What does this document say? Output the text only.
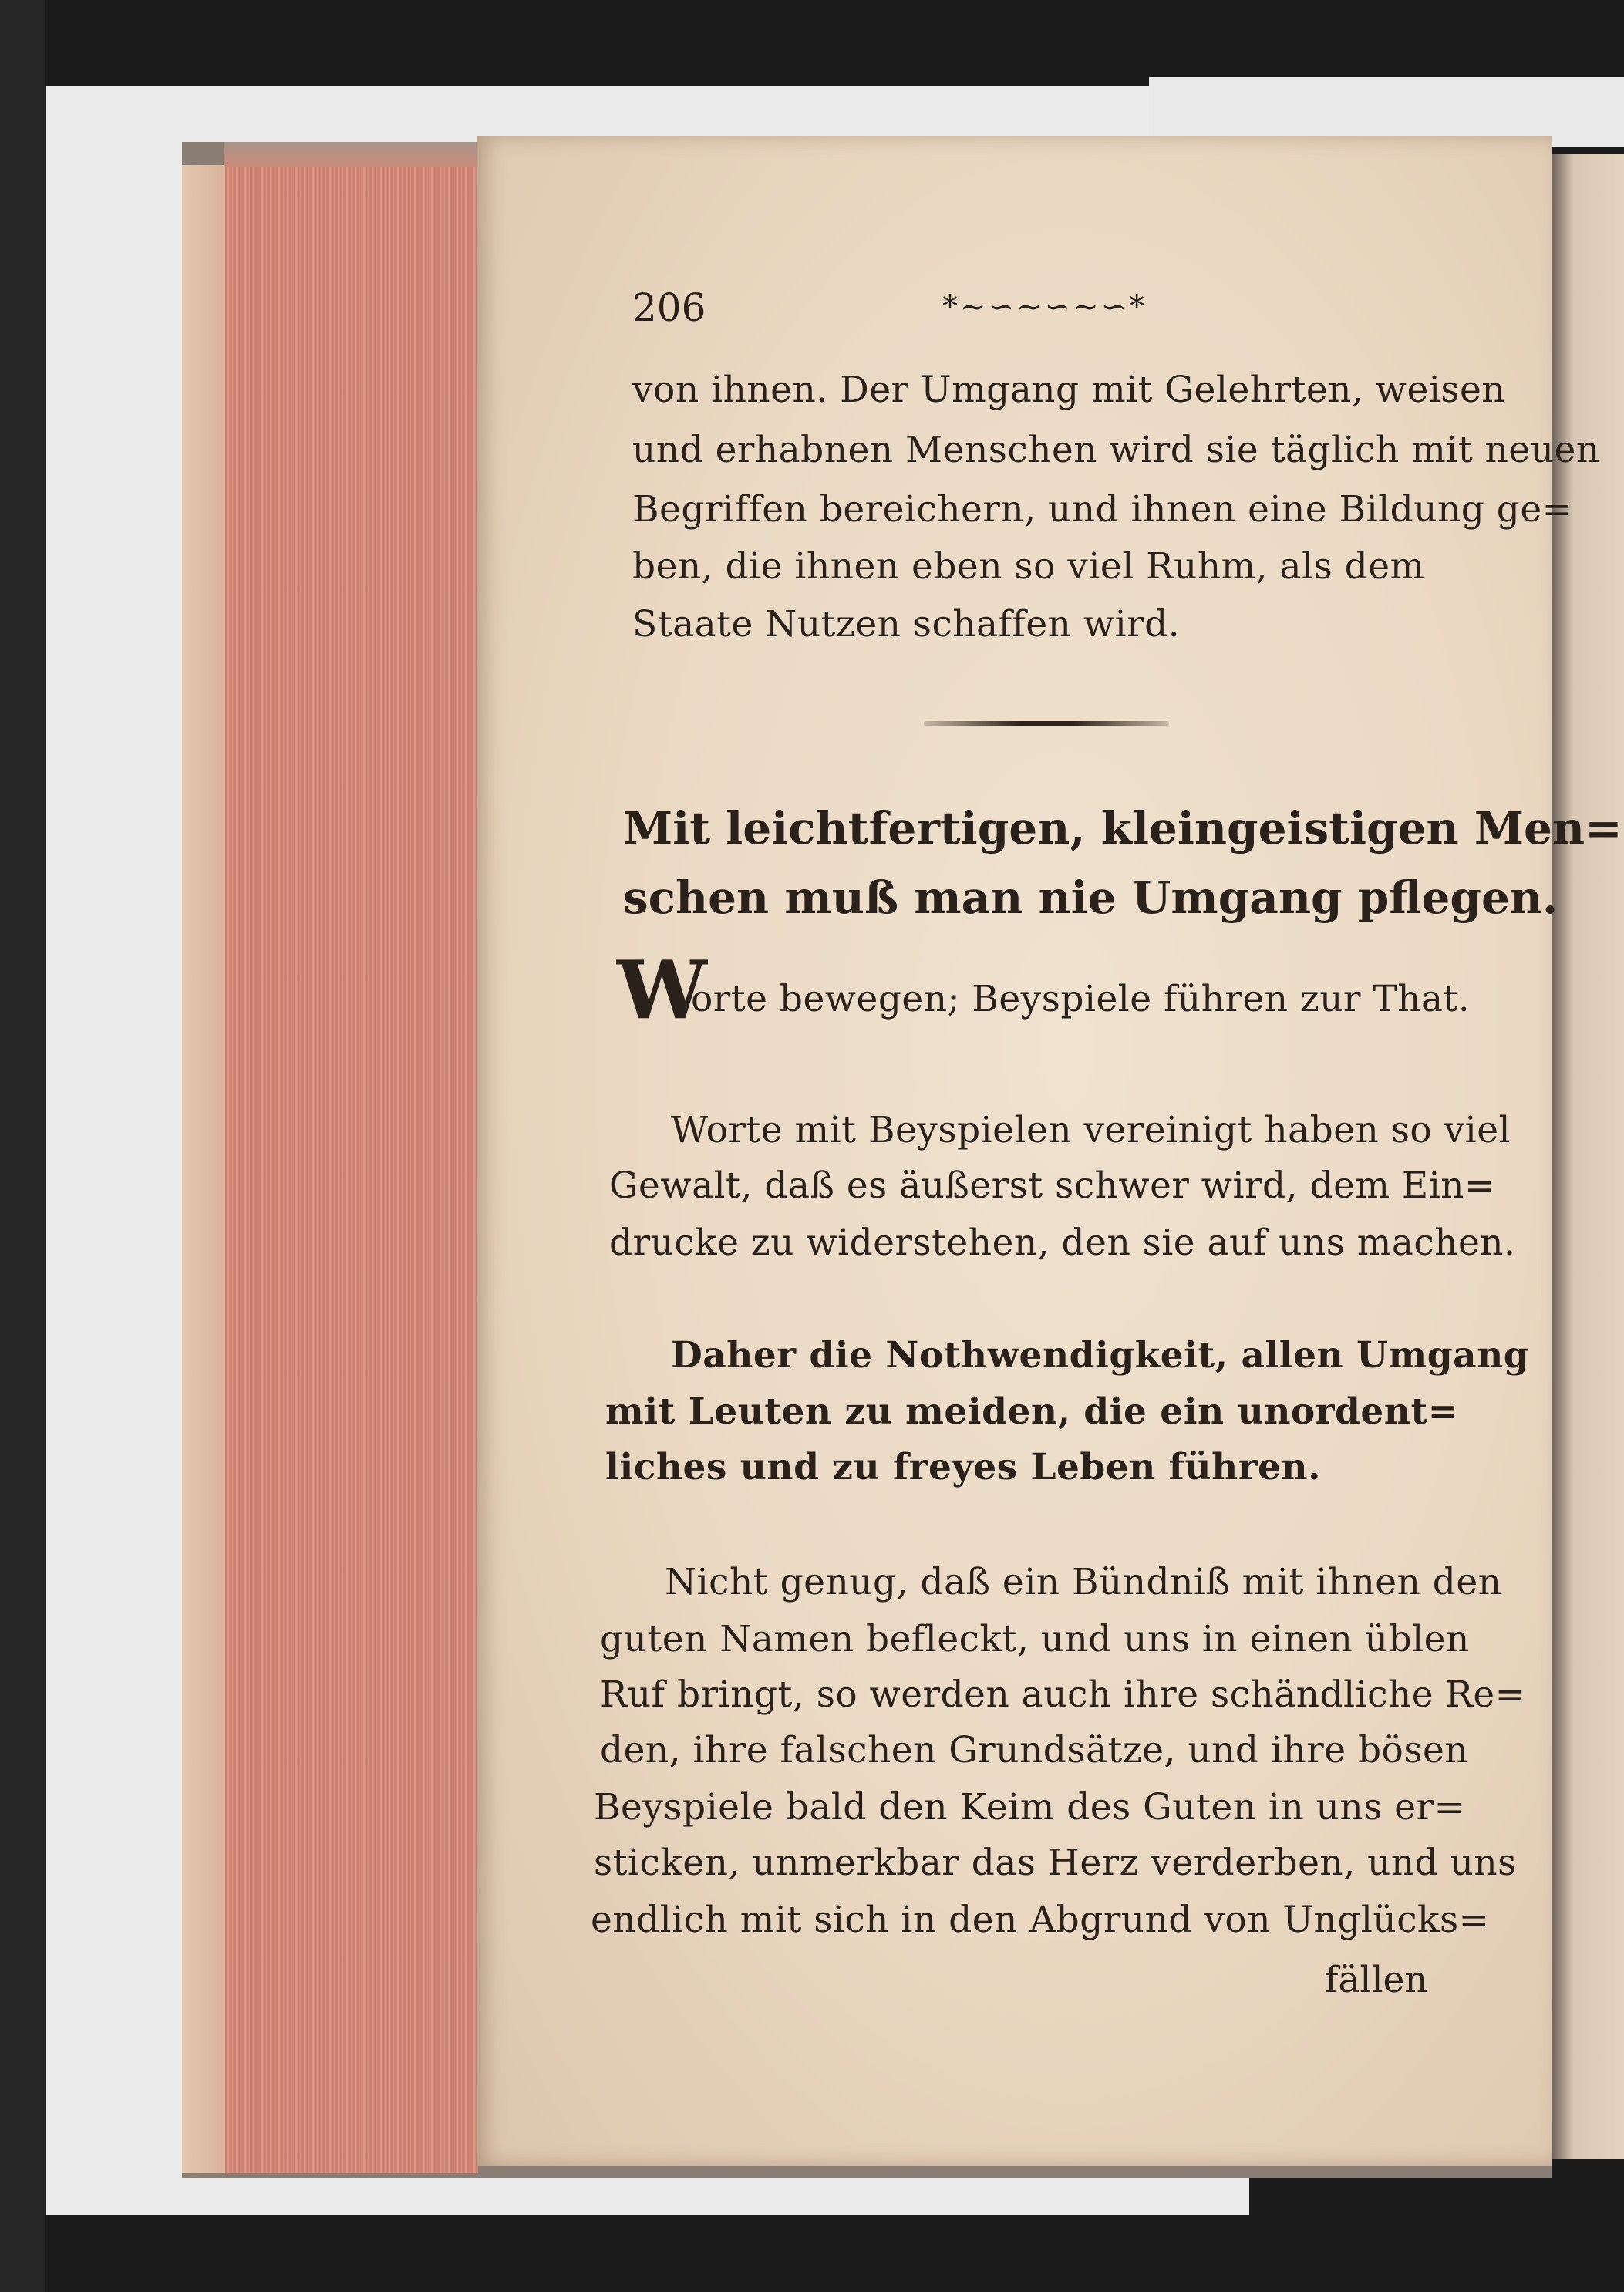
206	*~∽~∽~∽*
von ihnen. Der Umgang mit Gelehrten, weisen
und erhabnen Menschen wird sie täglich mit neuen
Begriffen bereichern, und ihnen eine Bildung ge=
ben, die ihnen eben so viel Ruhm, als dem
Staate Nutzen schaffen wird.
Mit leichtfertigen, kleingeistigen Men=
schen muß man nie Umgang pflegen.
W
orte bewegen; Beyspiele führen zur That.
Worte mit Beyspielen vereinigt haben so viel
Gewalt, daß es äußerst schwer wird, dem Ein=
drucke zu widerstehen, den sie auf uns machen.
Daher die Nothwendigkeit, allen Umgang
mit Leuten zu meiden, die ein unordent=
liches und zu freyes Leben führen.
Nicht genug, daß ein Bündniß mit ihnen den
guten Namen befleckt, und uns in einen üblen
Ruf bringt, so werden auch ihre schändliche Re=
den, ihre falschen Grundsätze, und ihre bösen
Beyspiele bald den Keim des Guten in uns er=
sticken, unmerkbar das Herz verderben, und uns
endlich mit sich in den Abgrund von Unglücks=
fällen
